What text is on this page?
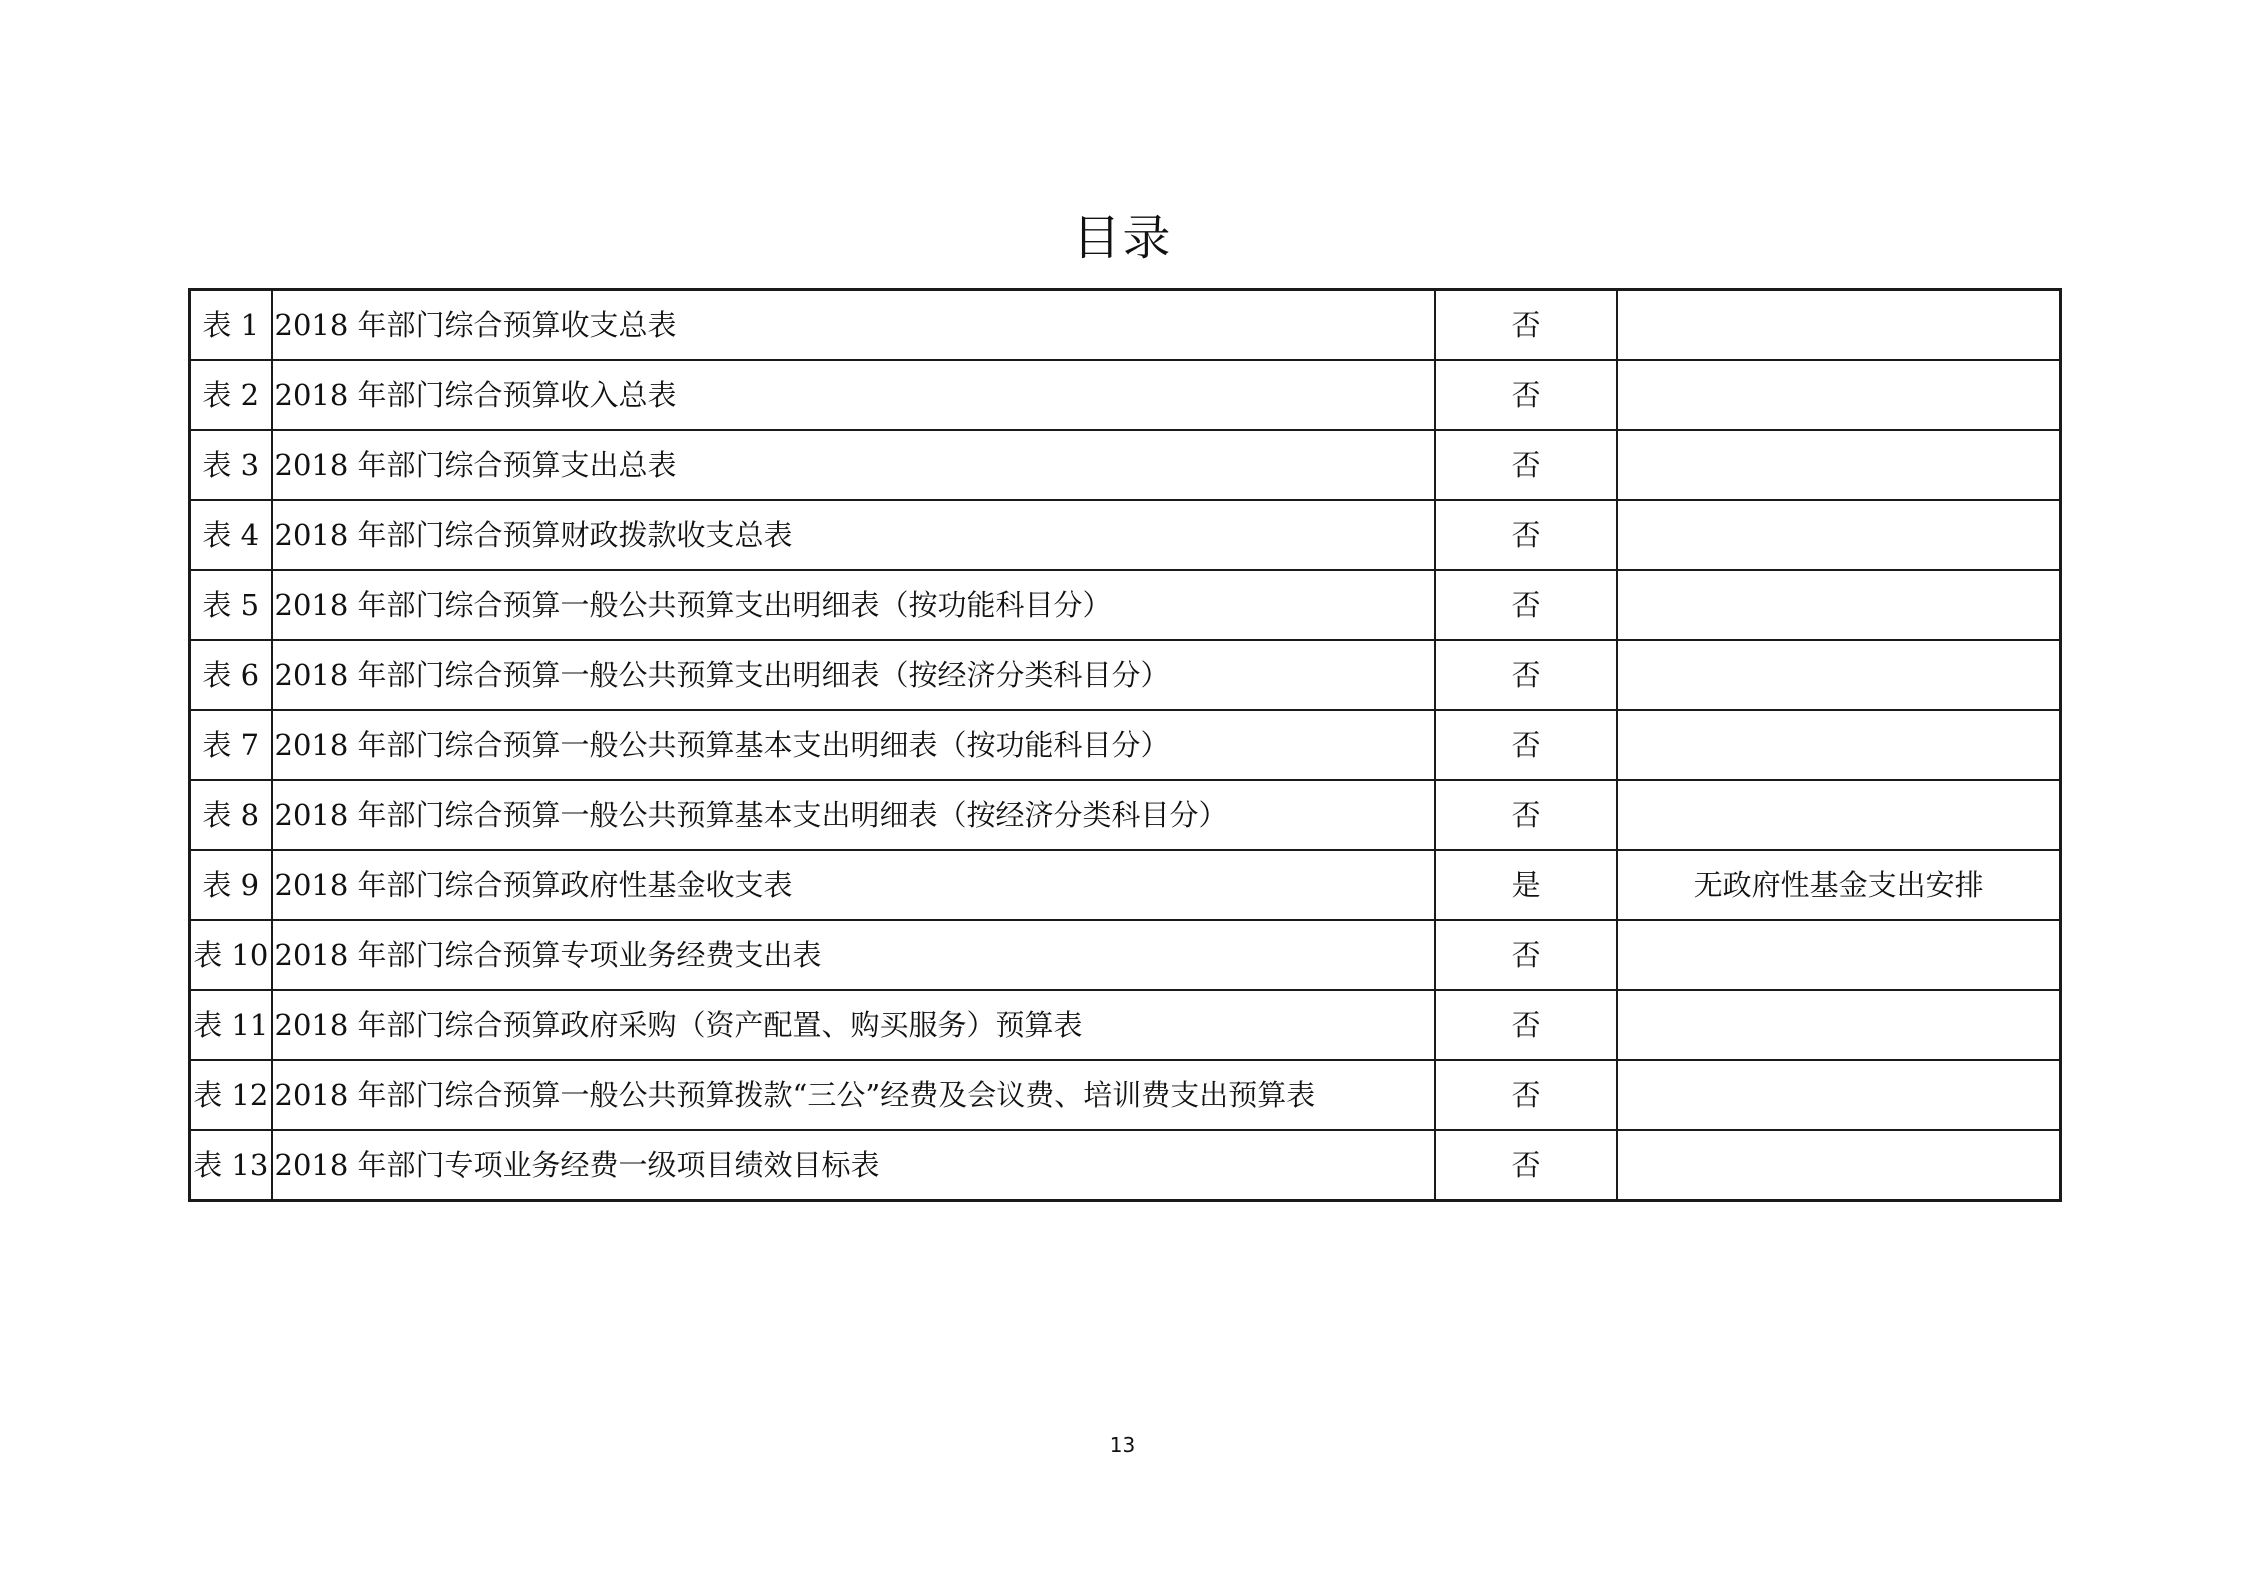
目录
表 1	2018 年部门综合预算收支总表	否	
表 2	2018 年部门综合预算收入总表	否	
表 3	2018 年部门综合预算支出总表	否	
表 4	2018 年部门综合预算财政拨款收支总表	否	
表 5	2018 年部门综合预算一般公共预算支出明细表（按功能科目分）	否	
表 6	2018 年部门综合预算一般公共预算支出明细表（按经济分类科目分）	否	
表 7	2018 年部门综合预算一般公共预算基本支出明细表（按功能科目分）	否	
表 8	2018 年部门综合预算一般公共预算基本支出明细表（按经济分类科目分）	否	
表 9	2018 年部门综合预算政府性基金收支表	是	无政府性基金支出安排
表 10	2018 年部门综合预算专项业务经费支出表	否	
表 11	2018 年部门综合预算政府采购（资产配置、购买服务）预算表	否	
表 12	2018 年部门综合预算一般公共预算拨款“三公”经费及会议费、培训费支出预算表	否	
表 13	2018 年部门专项业务经费一级项目绩效目标表	否	
13
